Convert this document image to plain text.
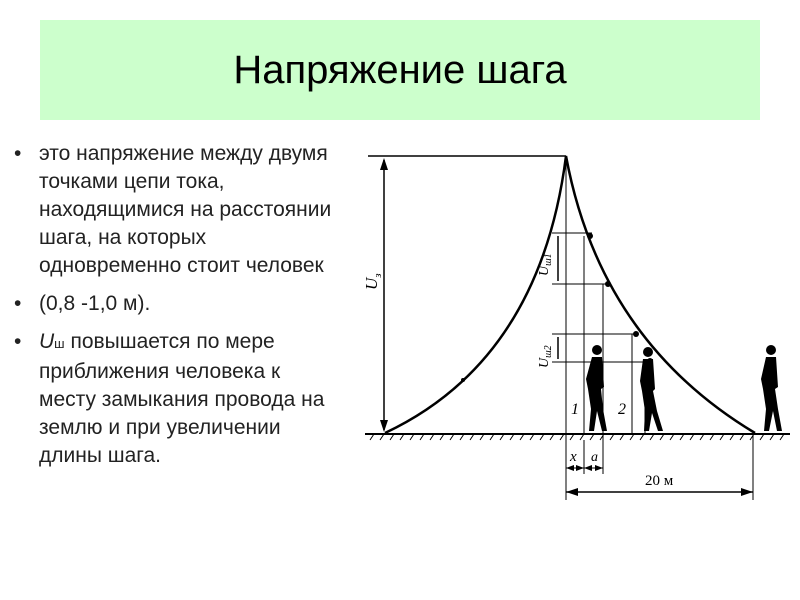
Напряжение шага
• это напряжение между двумя точками цепи тока, находящимися на расстоянии шага, на которых одновременно стоит человек
• (0,8 -1,0 м).
• Uш повышается по мере приближения человека к месту замыкания провода на землю и при увеличении длины шага.
$U_з$	$U_{ш1}$
$U_{ш2}$
1 2
x a
20 м
